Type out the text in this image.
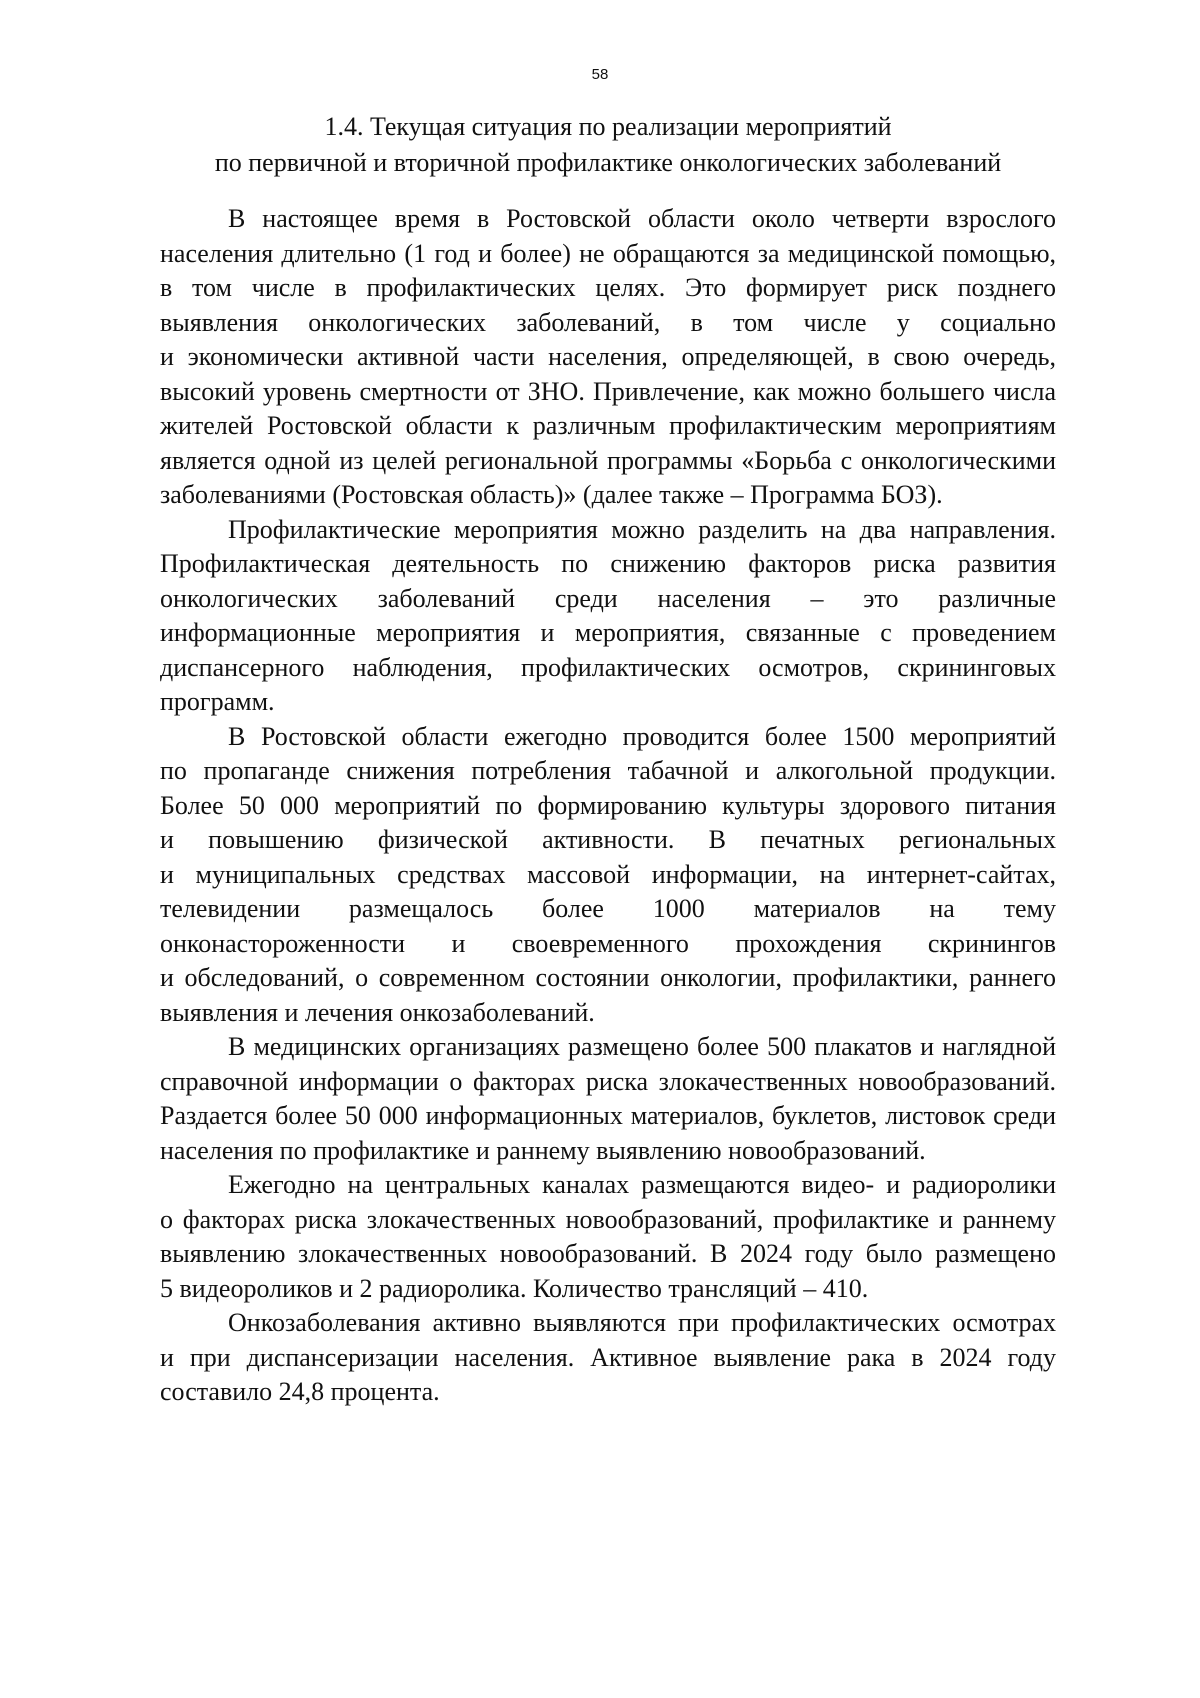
58
1.4. Текущая ситуация по реализации мероприятий
по первичной и вторичной профилактике онкологических заболеваний

В настоящее время в Ростовской области около четверти взрослого
населения длительно (1 год и более) не обращаются за медицинской помощью,
в том числе в профилактических целях. Это формирует риск позднего
выявления онкологических заболеваний, в том числе у социально
и экономически активной части населения, определяющей, в свою очередь,
высокий уровень смертности от ЗНО. Привлечение, как можно большего числа
жителей Ростовской области к различным профилактическим мероприятиям
является одной из целей региональной программы «Борьба с онкологическими
заболеваниями (Ростовская область)» (далее также – Программа БОЗ).

Профилактические мероприятия можно разделить на два направления.
Профилактическая деятельность по снижению факторов риска развития
онкологических заболеваний среди населения – это различные
информационные мероприятия и мероприятия, связанные с проведением
диспансерного наблюдения, профилактических осмотров, скрининговых
программ.

В Ростовской области ежегодно проводится более 1500 мероприятий
по пропаганде снижения потребления табачной и алкогольной продукции.
Более 50 000 мероприятий по формированию культуры здорового питания
и повышению физической активности. В печатных региональных
и муниципальных средствах массовой информации, на интернет-сайтах,
телевидении размещалось более 1000 материалов на тему
онконастороженности и своевременного прохождения скринингов
и обследований, о современном состоянии онкологии, профилактики, раннего
выявления и лечения онкозаболеваний.

В медицинских организациях размещено более 500 плакатов и наглядной
справочной информации о факторах риска злокачественных новообразований.
Раздается более 50 000 информационных материалов, буклетов, листовок среди
населения по профилактике и раннему выявлению новообразований.

Ежегодно на центральных каналах размещаются видео- и радиоролики
о факторах риска злокачественных новообразований, профилактике и раннему
выявлению злокачественных новообразований. В 2024 году было размещено
5 видеороликов и 2 радиоролика. Количество трансляций – 410.

Онкозаболевания активно выявляются при профилактических осмотрах
и при диспансеризации населения. Активное выявление рака в 2024 году
составило 24,8 процента.
